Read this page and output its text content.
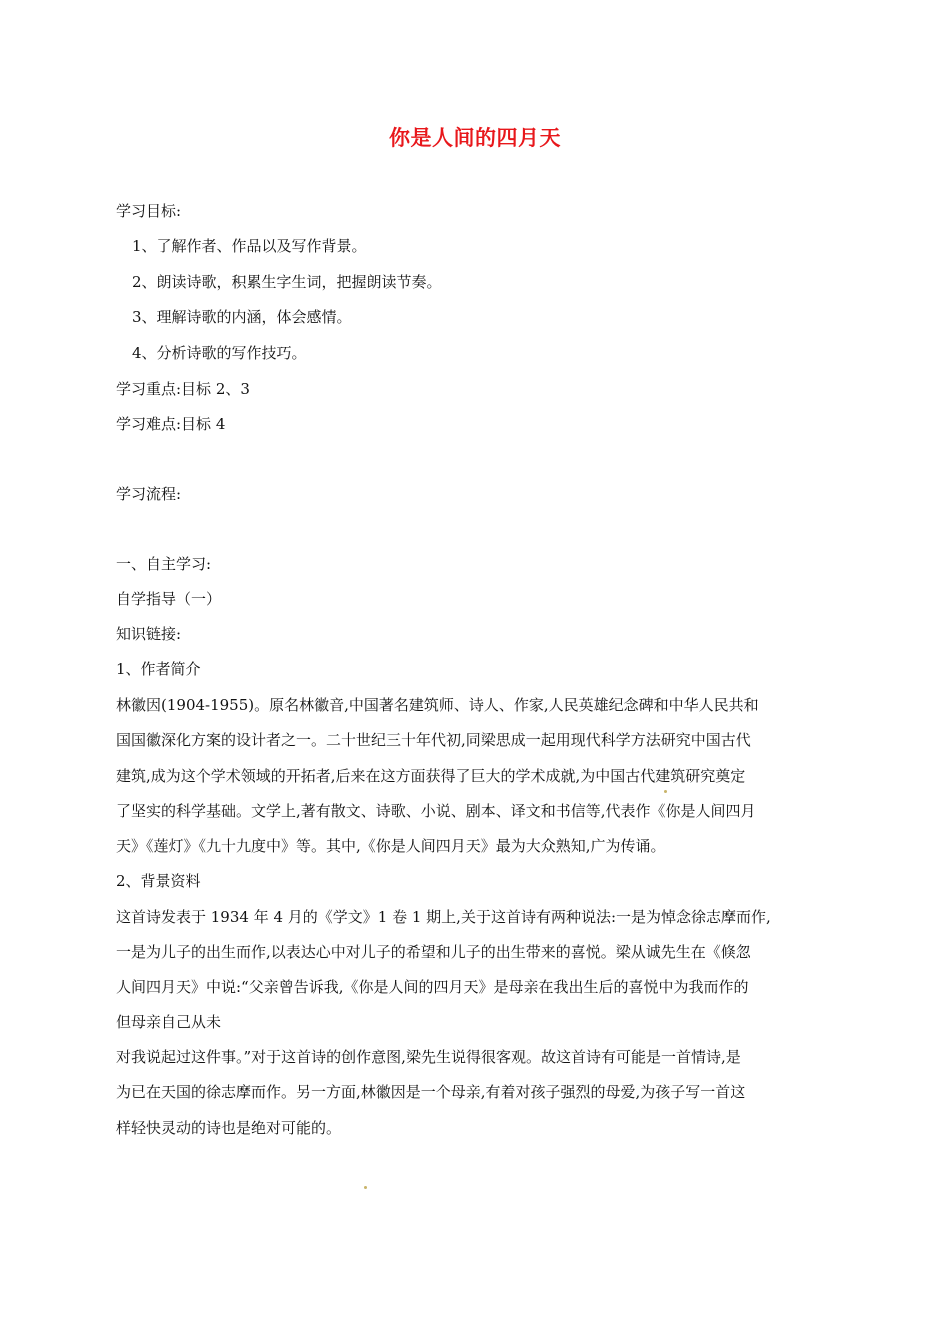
你是人间的四月天
学习目标:
1、了解作者、作品以及写作背景。
2、朗读诗歌，积累生字生词，把握朗读节奏。
3、理解诗歌的内涵，体会感情。
4、分析诗歌的写作技巧。
学习重点:目标 2、3
学习难点:目标 4
学习流程:
一、自主学习:
自学指导（一）
知识链接:
1、作者简介
林徽因(1904-1955)。原名林徽音,中国著名建筑师、诗人、作家,人民英雄纪念碑和中华人民共和
国国徽深化方案的设计者之一。二十世纪三十年代初,同梁思成一起用现代科学方法研究中国古代
建筑,成为这个学术领域的开拓者,后来在这方面获得了巨大的学术成就,为中国古代建筑研究奠定
了坚实的科学基础。文学上,著有散文、诗歌、小说、剧本、译文和书信等,代表作《你是人间四月
天》《莲灯》《九十九度中》等。其中,《你是人间四月天》最为大众熟知,广为传诵。
2、背景资料
这首诗发表于 1934 年 4 月的《学文》1 卷 1 期上,关于这首诗有两种说法:一是为悼念徐志摩而作,
一是为儿子的出生而作,以表达心中对儿子的希望和儿子的出生带来的喜悦。梁从诚先生在《倏忽
人间四月天》中说:“父亲曾告诉我,《你是人间的四月天》是母亲在我出生后的喜悦中为我而作的
但母亲自己从未
对我说起过这件事。”对于这首诗的创作意图,梁先生说得很客观。故这首诗有可能是一首情诗,是
为已在天国的徐志摩而作。另一方面,林徽因是一个母亲,有着对孩子强烈的母爱,为孩子写一首这
样轻快灵动的诗也是绝对可能的。
